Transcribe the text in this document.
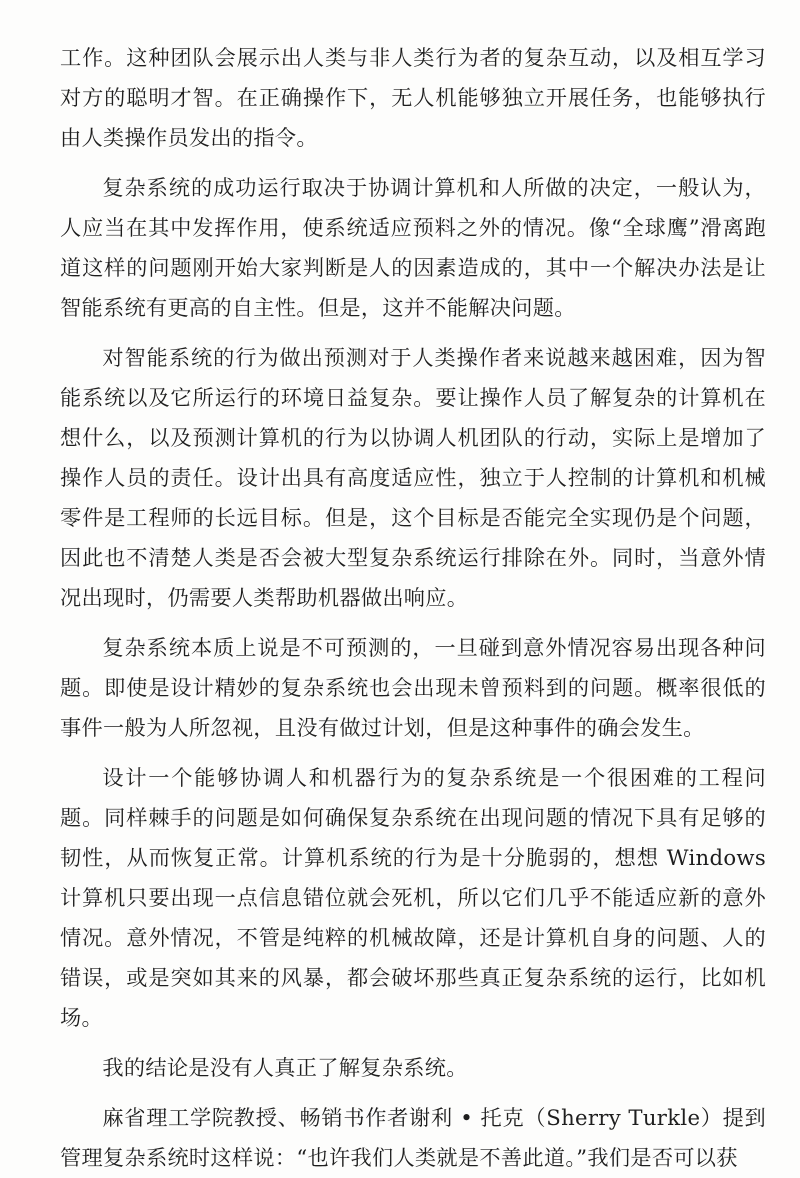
工作。这种团队会展示出人类与非人类行为者的复杂互动，以及相互学习对方的聪明才智。在正确操作下，无人机能够独立开展任务，也能够执行由人类操作员发出的指令。

复杂系统的成功运行取决于协调计算机和人所做的决定，一般认为，人应当在其中发挥作用，使系统适应预料之外的情况。像“全球鹰”滑离跑道这样的问题刚开始大家判断是人的因素造成的，其中一个解决办法是让智能系统有更高的自主性。但是，这并不能解决问题。

对智能系统的行为做出预测对于人类操作者来说越来越困难，因为智能系统以及它所运行的环境日益复杂。要让操作人员了解复杂的计算机在想什么，以及预测计算机的行为以协调人机团队的行动，实际上是增加了操作人员的责任。设计出具有高度适应性，独立于人控制的计算机和机械零件是工程师的长远目标。但是，这个目标是否能完全实现仍是个问题，因此也不清楚人类是否会被大型复杂系统运行排除在外。同时，当意外情况出现时，仍需要人类帮助机器做出响应。

复杂系统本质上说是不可预测的，一旦碰到意外情况容易出现各种问题。即使是设计精妙的复杂系统也会出现未曾预料到的问题。概率很低的事件一般为人所忽视，且没有做过计划，但是这种事件的确会发生。

设计一个能够协调人和机器行为的复杂系统是一个很困难的工程问题。同样棘手的问题是如何确保复杂系统在出现问题的情况下具有足够的韧性，从而恢复正常。计算机系统的行为是十分脆弱的，想想 Windows 计算机只要出现一点信息错位就会死机，所以它们几乎不能适应新的意外情况。意外情况，不管是纯粹的机械故障，还是计算机自身的问题、人的错误，或是突如其来的风暴，都会破坏那些真正复杂系统的运行，比如机场。

我的结论是没有人真正了解复杂系统。

麻省理工学院教授、畅销书作者谢利 • 托克（Sherry Turkle）提到管理复杂系统时这样说：“也许我们人类就是不善此道。”我们是否可以获
